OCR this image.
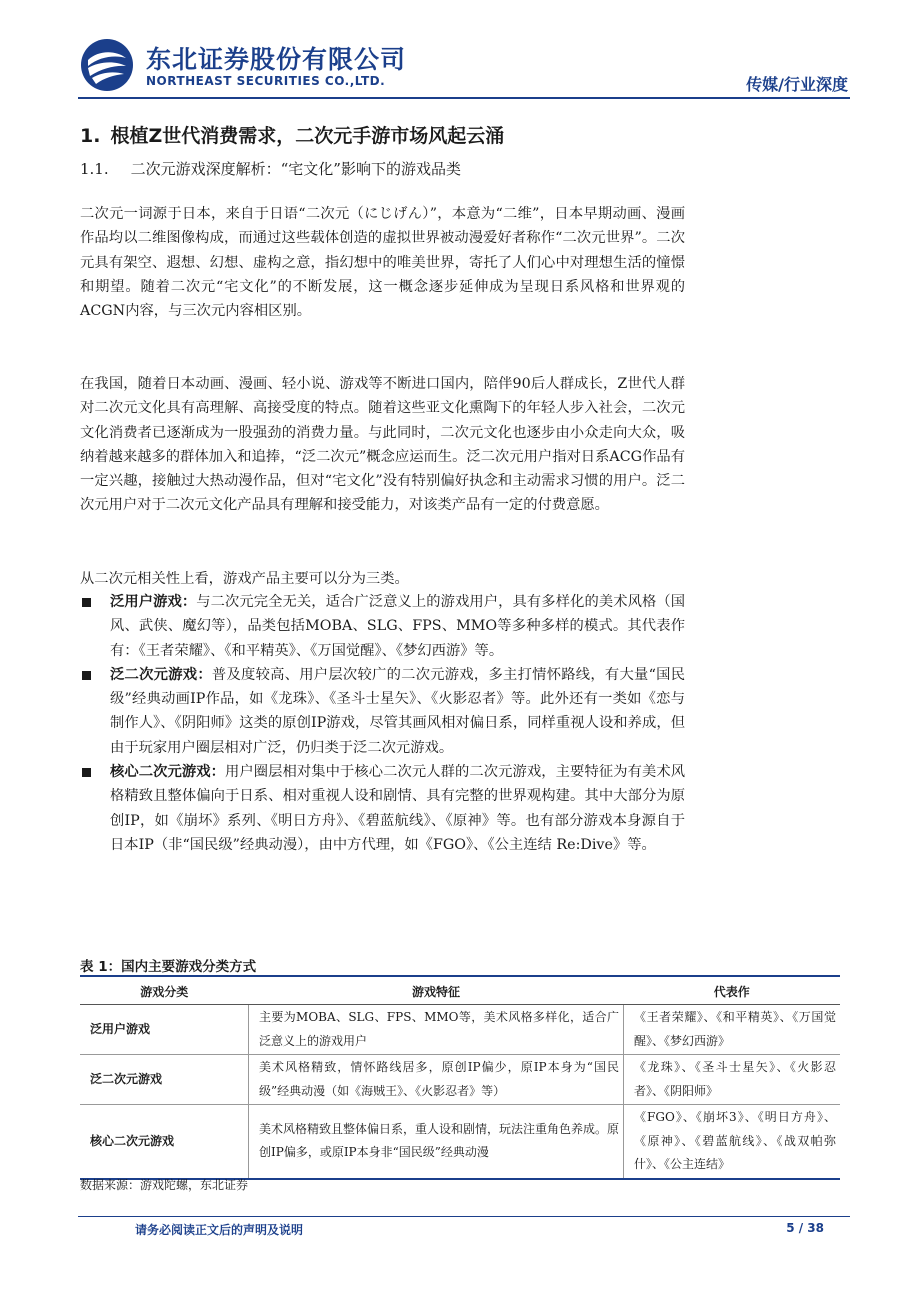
东北证券股份有限公司
NORTHEAST SECURITIES CO.,LTD.	传媒/行业深度
1. 根植Z世代消费需求，二次元手游市场风起云涌
1.1. 二次元游戏深度解析：“宅文化”影响下的游戏品类
二次元一词源于日本，来自于日语“二次元（にじげん）”，本意为“二维”，日本早期动画、漫画作品均以二维图像构成，而通过这些载体创造的虚拟世界被动漫爱好者称作“二次元世界”。二次元具有架空、遐想、幻想、虚构之意，指幻想中的唯美世界，寄托了人们心中对理想生活的憧憬和期望。随着二次元“宅文化”的不断发展，这一概念逐步延伸成为呈现日系风格和世界观的ACGN内容，与三次元内容相区别。
在我国，随着日本动画、漫画、轻小说、游戏等不断进口国内，陪伴90后人群成长，Z世代人群对二次元文化具有高理解、高接受度的特点。随着这些亚文化熏陶下的年轻人步入社会，二次元文化消费者已逐渐成为一股强劲的消费力量。与此同时，二次元文化也逐步由小众走向大众，吸纳着越来越多的群体加入和追捧，“泛二次元”概念应运而生。泛二次元用户指对日系ACG作品有一定兴趣，接触过大热动漫作品，但对“宅文化”没有特别偏好执念和主动需求习惯的用户。泛二次元用户对于二次元文化产品具有理解和接受能力，对该类产品有一定的付费意愿。
从二次元相关性上看，游戏产品主要可以分为三类。
泛用户游戏：与二次元完全无关，适合广泛意义上的游戏用户，具有多样化的美术风格（国风、武侠、魔幻等），品类包括MOBA、SLG、FPS、MMO等多种多样的模式。其代表作有：《王者荣耀》、《和平精英》、《万国觉醒》、《梦幻西游》等。
泛二次元游戏：普及度较高、用户层次较广的二次元游戏，多主打情怀路线，有大量“国民级”经典动画IP作品，如《龙珠》、《圣斗士星矢》、《火影忍者》等。此外还有一类如《恋与制作人》、《阴阳师》这类的原创IP游戏，尽管其画风相对偏日系，同样重视人设和养成，但由于玩家用户圈层相对广泛，仍归类于泛二次元游戏。
核心二次元游戏：用户圈层相对集中于核心二次元人群的二次元游戏，主要特征为有美术风格精致且整体偏向于日系、相对重视人设和剧情、具有完整的世界观构建。其中大部分为原创IP，如《崩坏》系列、《明日方舟》、《碧蓝航线》、《原神》等。也有部分游戏本身源自于日本IP（非“国民级”经典动漫），由中方代理，如《FGO》、《公主连结 Re:Dive》等。
表 1：国内主要游戏分类方式
游戏分类	游戏特征	代表作
泛用户游戏	主要为MOBA、SLG、FPS、MMO等，美术风格多样化，适合广泛意义上的游戏用户	《王者荣耀》、《和平精英》、《万国觉醒》、《梦幻西游》
泛二次元游戏	美术风格精致，情怀路线居多，原创IP偏少，原IP本身为“国民级”经典动漫（如《海贼王》、《火影忍者》等）	《龙珠》、《圣斗士星矢》、《火影忍者》、《阴阳师》
核心二次元游戏	美术风格精致且整体偏日系，重人设和剧情，玩法注重角色养成。原创IP偏多，或原IP本身非“国民级”经典动漫	《FGO》、《崩坏3》、《明日方舟》、《原神》、《碧蓝航线》、《战双帕弥什》、《公主连结》
数据来源：游戏陀螺，东北证券
请务必阅读正文后的声明及说明	5 / 38
